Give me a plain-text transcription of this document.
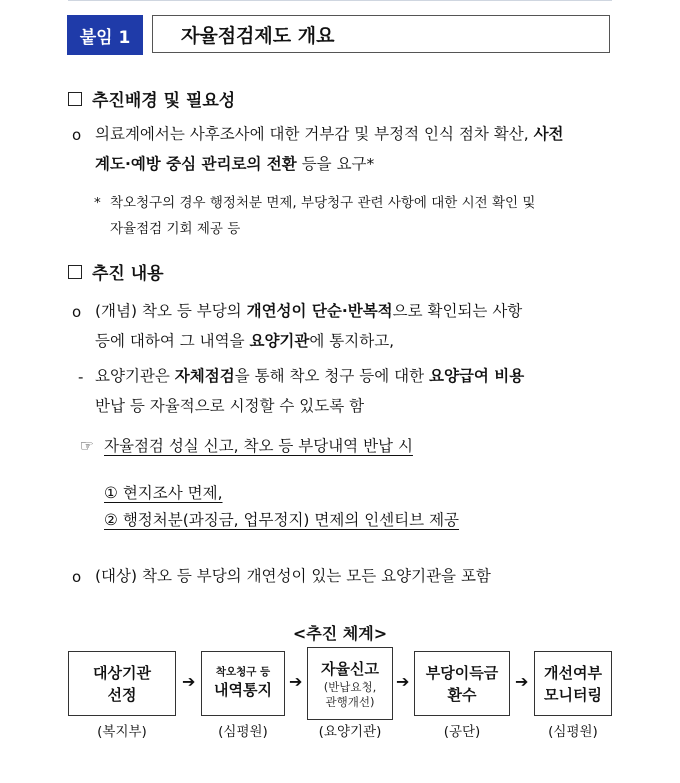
붙임 1	자율점검제도 개요
추진배경 및 필요성
o 의료계에서는 사후조사에 대한 거부감 및 부정적 인식 점차 확산, 사전
계도·예방 중심 관리로의 전환 등을 요구*
* 착오청구의 경우 행정처분 면제, 부당청구 관련 사항에 대한 시전 확인 및
자율점검 기회 제공 등
추진 내용
o (개념) 착오 등 부당의 개연성이 단순·반복적으로 확인되는 사항
등에 대하여 그 내역을 요양기관에 통지하고,
- 요양기관은 자체점검을 통해 착오 청구 등에 대한 요양급여 비용
반납 등 자율적으로 시정할 수 있도록 함
☞ 자율점검 성실 신고, 착오 등 부당내역 반납 시
① 현지조사 면제,
② 행정처분(과징금, 업무정지) 면제의 인센티브 제공
o (대상) 착오 등 부당의 개연성이 있는 모든 요양기관을 포함
<추진 체계>
대상기관
선정
➔ 착오청구 등
내역통지 ➔
자율신고
(반납요청,
관행개선)
➔ 부당이득금
환수
➔ 개선여부
모니터링
(복지부)	(심평원)	(요양기관)	(공단)	(심평원)
